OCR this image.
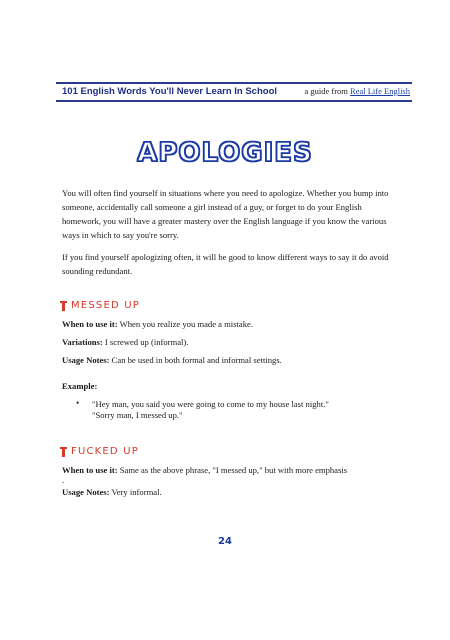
101 English Words You'll Never Learn In School	a guide from Real Life English
APOLOGIES

You will often find yourself in situations where you need to apologize. Whether you bump into someone, accidentally call someone a girl instead of a guy, or forget to do your English homework, you will have a greater mastery over the English language if you know the various ways in which to say you're sorry.

If you find yourself apologizing often, it will be good to know different ways to say it do avoid sounding redundant.

MESSED UP
When to use it: When you realize you made a mistake.
Variations: I screwed up (informal).
Usage Notes: Can be used in both formal and informal settings.
Example:
• "Hey man, you said you were going to come to my house last night."
"Sorry man, I messed up."
FUCKED UP
When to use it: Same as the above phrase, "I messed up," but with more emphasis
.
Usage Notes: Very informal.
24
